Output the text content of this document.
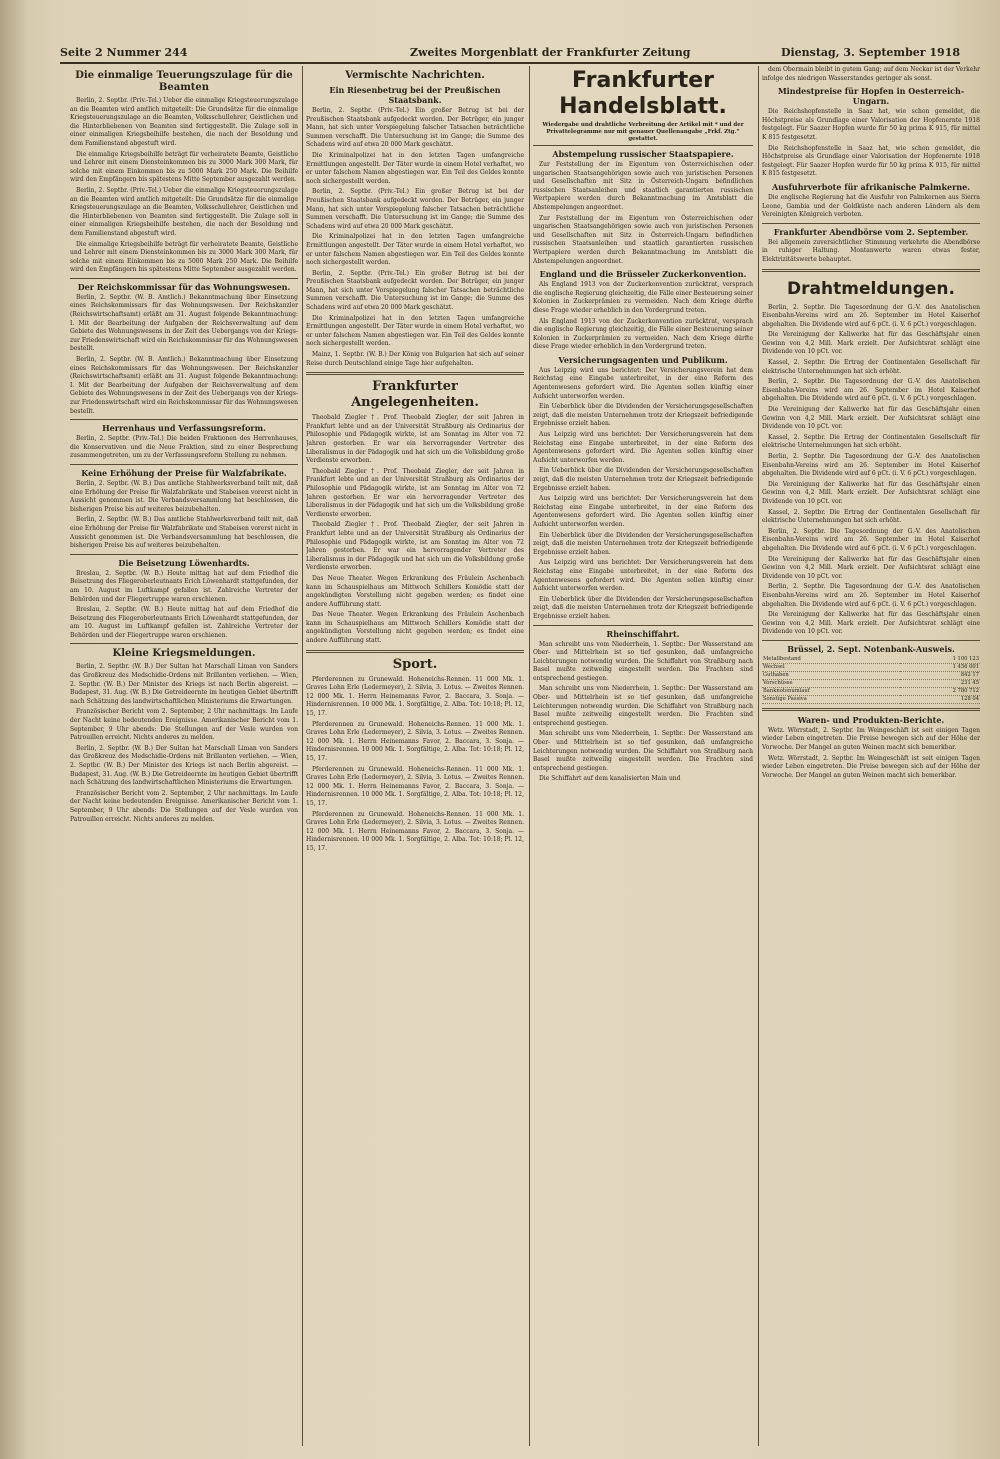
Seite 2 Nummer 244	Zweites Morgenblatt der Frankfurter Zeitung	Dienstag, 3. September 1918
Die einmalige Teuerungszulage für die Beamten

Berlin, 2. Septbr. (Priv.-Tel.) Ueber die einmalige Kriegsteuerungszulage an die Beamten wird amtlich mitgeteilt: Die Grundsätze für die einmalige Kriegsteuerungszulage an die Beamten, Volksschullehrer, Geistlichen und die Hinterbliebenen von Beamten sind fertiggestellt. Die Zulage soll in einer einmaligen Kriegsbeihilfe bestehen, die nach der Besoldung und dem Familienstand abgestuft wird.

Die einmalige Kriegsbeihilfe beträgt für verheiratete Beamte, Geistliche und Lehrer mit einem Diensteinkommen bis zu 3000 Mark 300 Mark, für solche mit einem Einkommen bis zu 5000 Mark 250 Mark. Die Beihilfe wird den Empfängern bis spätestens Mitte September ausgezahlt werden.

Berlin, 2. Septbr. (Priv.-Tel.) Ueber die einmalige Kriegsteuerungszulage an die Beamten wird amtlich mitgeteilt: Die Grundsätze für die einmalige Kriegsteuerungszulage an die Beamten, Volksschullehrer, Geistlichen und die Hinterbliebenen von Beamten sind fertiggestellt. Die Zulage soll in einer einmaligen Kriegsbeihilfe bestehen, die nach der Besoldung und dem Familienstand abgestuft wird.

Die einmalige Kriegsbeihilfe beträgt für verheiratete Beamte, Geistliche und Lehrer mit einem Diensteinkommen bis zu 3000 Mark 300 Mark, für solche mit einem Einkommen bis zu 5000 Mark 250 Mark. Die Beihilfe wird den Empfängern bis spätestens Mitte September ausgezahlt werden.

Der Reichskommissar für das Wohnungswesen.

Berlin, 2. Septbr. (W. B. Amtlich.) Bekanntmachung über Einsetzung eines Reichskommissars für das Wohnungswesen. Der Reichskanzler (Reichswirtschaftsamt) erläßt am 31. August folgende Bekanntmachung: I. Mit der Bearbeitung der Aufgaben der Reichsverwaltung auf dem Gebiete des Wohnungswesens in der Zeit des Uebergangs von der Kriegs- zur Friedenswirtschaft wird ein Reichskommissar für das Wohnungswesen bestellt.

Berlin, 2. Septbr. (W. B. Amtlich.) Bekanntmachung über Einsetzung eines Reichskommissars für das Wohnungswesen. Der Reichskanzler (Reichswirtschaftsamt) erläßt am 31. August folgende Bekanntmachung: I. Mit der Bearbeitung der Aufgaben der Reichsverwaltung auf dem Gebiete des Wohnungswesens in der Zeit des Uebergangs von der Kriegs- zur Friedenswirtschaft wird ein Reichskommissar für das Wohnungswesen bestellt.

Herrenhaus und Verfassungsreform.

Berlin, 2. Septbr. (Priv.-Tel.) Die beiden Fraktionen des Herrenhauses, die Konservativen und die Neue Fraktion, sind zu einer Besprechung zusammengetreten, um zu der Verfassungsreform Stellung zu nehmen.

Keine Erhöhung der Preise für Walzfabrikate.

Berlin, 2. Septbr. (W. B.) Das amtliche Stahlwerksverband teilt mit, daß eine Erhöhung der Preise für Walzfabrikate und Stabeisen vorerst nicht in Aussicht genommen ist. Die Verbandsversammlung hat beschlossen, die bisherigen Preise bis auf weiteres beizubehalten.

Berlin, 2. Septbr. (W. B.) Das amtliche Stahlwerksverband teilt mit, daß eine Erhöhung der Preise für Walzfabrikate und Stabeisen vorerst nicht in Aussicht genommen ist. Die Verbandsversammlung hat beschlossen, die bisherigen Preise bis auf weiteres beizubehalten.

Die Beisetzung Löwenhardts.

Breslau, 2. Septbr. (W. B.) Heute mittag hat auf dem Friedhof die Beisetzung des Fliegeroberleutnants Erich Löwenhardt stattgefunden, der am 10. August im Luftkampf gefallen ist. Zahlreiche Vertreter der Behörden und der Fliegertruppe waren erschienen.

Breslau, 2. Septbr. (W. B.) Heute mittag hat auf dem Friedhof die Beisetzung des Fliegeroberleutnants Erich Löwenhardt stattgefunden, der am 10. August im Luftkampf gefallen ist. Zahlreiche Vertreter der Behörden und der Fliegertruppe waren erschienen.

Kleine Kriegsmeldungen.

Berlin, 2. Septbr. (W. B.) Der Sultan hat Marschall Liman von Sanders das Großkreuz des Medschidie-Ordens mit Brillanten verliehen. — Wien, 2. Septbr. (W. B.) Der Minister des Kriegs ist nach Berlin abgereist. — Budapest, 31. Aug. (W. B.) Die Getreideernte im heutigen Gebiet übertrifft nach Schätzung des landwirtschaftlichen Ministeriums die Erwartungen.

Französischer Bericht vom 2. September, 2 Uhr nachmittags. Im Laufe der Nacht keine bedeutenden Ereignisse. Amerikanischer Bericht vom 1. September, 9 Uhr abends: Die Stellungen auf der Vesle wurden von Patrouillen erreicht. Nichts anderes zu melden.

Berlin, 2. Septbr. (W. B.) Der Sultan hat Marschall Liman von Sanders das Großkreuz des Medschidie-Ordens mit Brillanten verliehen. — Wien, 2. Septbr. (W. B.) Der Minister des Kriegs ist nach Berlin abgereist. — Budapest, 31. Aug. (W. B.) Die Getreideernte im heutigen Gebiet übertrifft nach Schätzung des landwirtschaftlichen Ministeriums die Erwartungen.

Französischer Bericht vom 2. September, 2 Uhr nachmittags. Im Laufe der Nacht keine bedeutenden Ereignisse. Amerikanischer Bericht vom 1. September, 9 Uhr abends: Die Stellungen auf der Vesle wurden von Patrouillen erreicht. Nichts anderes zu melden.

Vermischte Nachrichten.
Ein Riesenbetrug bei der Preußischen Staatsbank.

Berlin, 2. Septbr. (Priv.-Tel.) Ein großer Betrug ist bei der Preußischen Staatsbank aufgedeckt worden. Der Betrüger, ein junger Mann, hat sich unter Vorspiegelung falscher Tatsachen beträchtliche Summen verschafft. Die Untersuchung ist im Gange; die Summe des Schadens wird auf etwa 20 000 Mark geschätzt.

Die Kriminalpolizei hat in den letzten Tagen umfangreiche Ermittlungen angestellt. Der Täter wurde in einem Hotel verhaftet, wo er unter falschem Namen abgestiegen war. Ein Teil des Geldes konnte noch sichergestellt werden.

Berlin, 2. Septbr. (Priv.-Tel.) Ein großer Betrug ist bei der Preußischen Staatsbank aufgedeckt worden. Der Betrüger, ein junger Mann, hat sich unter Vorspiegelung falscher Tatsachen beträchtliche Summen verschafft. Die Untersuchung ist im Gange; die Summe des Schadens wird auf etwa 20 000 Mark geschätzt.

Die Kriminalpolizei hat in den letzten Tagen umfangreiche Ermittlungen angestellt. Der Täter wurde in einem Hotel verhaftet, wo er unter falschem Namen abgestiegen war. Ein Teil des Geldes konnte noch sichergestellt werden.

Berlin, 2. Septbr. (Priv.-Tel.) Ein großer Betrug ist bei der Preußischen Staatsbank aufgedeckt worden. Der Betrüger, ein junger Mann, hat sich unter Vorspiegelung falscher Tatsachen beträchtliche Summen verschafft. Die Untersuchung ist im Gange; die Summe des Schadens wird auf etwa 20 000 Mark geschätzt.

Die Kriminalpolizei hat in den letzten Tagen umfangreiche Ermittlungen angestellt. Der Täter wurde in einem Hotel verhaftet, wo er unter falschem Namen abgestiegen war. Ein Teil des Geldes konnte noch sichergestellt werden.

Mainz, 1. Septbr. (W. B.) Der König von Bulgarien hat sich auf seiner Reise durch Deutschland einige Tage hier aufgehalten.

Frankfurter Angelegenheiten.

Theobald Ziegler †. Prof. Theobald Ziegler, der seit Jahren in Frankfurt lebte und an der Universität Straßburg als Ordinarius der Philosophie und Pädagogik wirkte, ist am Sonntag im Alter von 72 Jahren gestorben. Er war ein hervorragender Vertreter des Liberalismus in der Pädagogik und hat sich um die Volksbildung große Verdienste erworben.

Theobald Ziegler †. Prof. Theobald Ziegler, der seit Jahren in Frankfurt lebte und an der Universität Straßburg als Ordinarius der Philosophie und Pädagogik wirkte, ist am Sonntag im Alter von 72 Jahren gestorben. Er war ein hervorragender Vertreter des Liberalismus in der Pädagogik und hat sich um die Volksbildung große Verdienste erworben.

Theobald Ziegler †. Prof. Theobald Ziegler, der seit Jahren in Frankfurt lebte und an der Universität Straßburg als Ordinarius der Philosophie und Pädagogik wirkte, ist am Sonntag im Alter von 72 Jahren gestorben. Er war ein hervorragender Vertreter des Liberalismus in der Pädagogik und hat sich um die Volksbildung große Verdienste erworben.

Das Neue Theater. Wegen Erkrankung des Fräulein Aschenbach kann im Schauspielhaus am Mittwoch Schillers Komödie statt der angekündigten Vorstellung nicht gegeben werden; es findet eine andere Aufführung statt.

Das Neue Theater. Wegen Erkrankung des Fräulein Aschenbach kann im Schauspielhaus am Mittwoch Schillers Komödie statt der angekündigten Vorstellung nicht gegeben werden; es findet eine andere Aufführung statt.

Sport.

Pferderennen zu Grunewald. Hoheneichs-Rennen. 11 000 Mk. 1. Graves Lohn Erle (Ledermeyer), 2. Silvia, 3. Lotus. — Zweites Rennen. 12 000 Mk. 1. Herrn Heinemanns Favor, 2. Baccara, 3. Sonja. — Hindernisrennen. 10 000 Mk. 1. Sorgfältige, 2. Alba. Tot: 10:18; Pl. 12, 15, 17.

Pferderennen zu Grunewald. Hoheneichs-Rennen. 11 000 Mk. 1. Graves Lohn Erle (Ledermeyer), 2. Silvia, 3. Lotus. — Zweites Rennen. 12 000 Mk. 1. Herrn Heinemanns Favor, 2. Baccara, 3. Sonja. — Hindernisrennen. 10 000 Mk. 1. Sorgfältige, 2. Alba. Tot: 10:18; Pl. 12, 15, 17.

Pferderennen zu Grunewald. Hoheneichs-Rennen. 11 000 Mk. 1. Graves Lohn Erle (Ledermeyer), 2. Silvia, 3. Lotus. — Zweites Rennen. 12 000 Mk. 1. Herrn Heinemanns Favor, 2. Baccara, 3. Sonja. — Hindernisrennen. 10 000 Mk. 1. Sorgfältige, 2. Alba. Tot: 10:18; Pl. 12, 15, 17.

Pferderennen zu Grunewald. Hoheneichs-Rennen. 11 000 Mk. 1. Graves Lohn Erle (Ledermeyer), 2. Silvia, 3. Lotus. — Zweites Rennen. 12 000 Mk. 1. Herrn Heinemanns Favor, 2. Baccara, 3. Sonja. — Hindernisrennen. 10 000 Mk. 1. Sorgfältige, 2. Alba. Tot: 10:18; Pl. 12, 15, 17.

Frankfurter Handelsblatt.
Wiedergabe und drahtliche Verbreitung der Artikel mit * und der Privattelegramme nur mit genauer Quellenangabe „Frkf. Ztg.“ gestattet.
Abstempelung russischer Staatspapiere.

Zur Feststellung der im Eigentum von Österreichischen oder ungarischen Staatsangehörigen sowie auch von juristischen Personen und Gesellschaften mit Sitz in Österreich-Ungarn befindlichen russischen Staatsanleihen und staatlich garantierten russischen Wertpapiere werden durch Bekanntmachung im Amtsblatt die Abstempelungen angeordnet.

Zur Feststellung der im Eigentum von Österreichischen oder ungarischen Staatsangehörigen sowie auch von juristischen Personen und Gesellschaften mit Sitz in Österreich-Ungarn befindlichen russischen Staatsanleihen und staatlich garantierten russischen Wertpapiere werden durch Bekanntmachung im Amtsblatt die Abstempelungen angeordnet.

England und die Brüsseler Zuckerkonvention.

Als England 1913 von der Zuckerkonvention zurücktrat, versprach die englische Regierung gleichzeitig, die Fälle einer Besteuerung seiner Kolonien in Zuckerprämien zu vermeiden. Nach dem Kriege dürfte diese Frage wieder erheblich in den Vordergrund treten.

Als England 1913 von der Zuckerkonvention zurücktrat, versprach die englische Regierung gleichzeitig, die Fälle einer Besteuerung seiner Kolonien in Zuckerprämien zu vermeiden. Nach dem Kriege dürfte diese Frage wieder erheblich in den Vordergrund treten.

Versicherungsagenten und Publikum.

Aus Leipzig wird uns berichtet: Der Versicherungsverein hat dem Reichstag eine Eingabe unterbreitet, in der eine Reform des Agentenwesens gefordert wird. Die Agenten sollen künftig einer Aufsicht unterworfen werden.

Ein Ueberblick über die Dividenden der Versicherungsgesellschaften zeigt, daß die meisten Unternehmen trotz der Kriegszeit befriedigende Ergebnisse erzielt haben.

Aus Leipzig wird uns berichtet: Der Versicherungsverein hat dem Reichstag eine Eingabe unterbreitet, in der eine Reform des Agentenwesens gefordert wird. Die Agenten sollen künftig einer Aufsicht unterworfen werden.

Ein Ueberblick über die Dividenden der Versicherungsgesellschaften zeigt, daß die meisten Unternehmen trotz der Kriegszeit befriedigende Ergebnisse erzielt haben.

Aus Leipzig wird uns berichtet: Der Versicherungsverein hat dem Reichstag eine Eingabe unterbreitet, in der eine Reform des Agentenwesens gefordert wird. Die Agenten sollen künftig einer Aufsicht unterworfen werden.

Ein Ueberblick über die Dividenden der Versicherungsgesellschaften zeigt, daß die meisten Unternehmen trotz der Kriegszeit befriedigende Ergebnisse erzielt haben.

Aus Leipzig wird uns berichtet: Der Versicherungsverein hat dem Reichstag eine Eingabe unterbreitet, in der eine Reform des Agentenwesens gefordert wird. Die Agenten sollen künftig einer Aufsicht unterworfen werden.

Ein Ueberblick über die Dividenden der Versicherungsgesellschaften zeigt, daß die meisten Unternehmen trotz der Kriegszeit befriedigende Ergebnisse erzielt haben.

Rheinschiffahrt.

Man schreibt uns vom Niederrhein, 1. Septbr.: Der Wasserstand am Ober- und Mittelrhein ist so tief gesunken, daß umfangreiche Leichterungen notwendig wurden. Die Schiffahrt von Straßburg nach Basel mußte zeitweilig eingestellt werden. Die Frachten sind entsprechend gestiegen.

Man schreibt uns vom Niederrhein, 1. Septbr.: Der Wasserstand am Ober- und Mittelrhein ist so tief gesunken, daß umfangreiche Leichterungen notwendig wurden. Die Schiffahrt von Straßburg nach Basel mußte zeitweilig eingestellt werden. Die Frachten sind entsprechend gestiegen.

Man schreibt uns vom Niederrhein, 1. Septbr.: Der Wasserstand am Ober- und Mittelrhein ist so tief gesunken, daß umfangreiche Leichterungen notwendig wurden. Die Schiffahrt von Straßburg nach Basel mußte zeitweilig eingestellt werden. Die Frachten sind entsprechend gestiegen.

Die Schiffahrt auf dem kanalisierten Main und

dem Obermain bleibt in gutem Gang; auf dem Neckar ist der Verkehr infolge des niedrigen Wasserstandes geringer als sonst.

Mindestpreise für Hopfen in Oesterreich-Ungarn.

Die Reichshopfenstelle in Saaz hat, wie schon gemeldet, die Höchstpreise als Grundlage einer Valorisation der Hopfenernte 1918 festgelegt. Für Saazer Hopfen wurde für 50 kg prima K 915, für mittel K 815 festgesetzt.

Die Reichshopfenstelle in Saaz hat, wie schon gemeldet, die Höchstpreise als Grundlage einer Valorisation der Hopfenernte 1918 festgelegt. Für Saazer Hopfen wurde für 50 kg prima K 915, für mittel K 815 festgesetzt.

Ausfuhrverbote für afrikanische Palmkerne.

Die englische Regierung hat die Ausfuhr von Palmkernen aus Sierra Leone, Gambia und der Goldküste nach anderen Ländern als dem Vereinigten Königreich verboten.

Frankfurter Abendbörse vom 2. September.

Bei allgemein zuversichtlicher Stimmung verkehrte die Abendbörse in ruhiger Haltung. Montanwerte waren etwas fester, Elektrizitätswerte behauptet.

Drahtmeldungen.

Berlin, 2. Septbr. Die Tagesordnung der G.-V. des Anatolischen Eisenbahn-Vereins wird am 26. September im Hotel Kaiserhof abgehalten. Die Dividende wird auf 6 pCt. (i. V. 6 pCt.) vorgeschlagen.

Die Vereinigung der Kaliwerke hat für das Geschäftsjahr einen Gewinn von 4,2 Mill. Mark erzielt. Der Aufsichtsrat schlägt eine Dividende von 10 pCt. vor.

Kassel, 2. Septbr. Die Ertrag der Continentalen Gesellschaft für elektrische Unternehmungen hat sich erhöht.

Berlin, 2. Septbr. Die Tagesordnung der G.-V. des Anatolischen Eisenbahn-Vereins wird am 26. September im Hotel Kaiserhof abgehalten. Die Dividende wird auf 6 pCt. (i. V. 6 pCt.) vorgeschlagen.

Die Vereinigung der Kaliwerke hat für das Geschäftsjahr einen Gewinn von 4,2 Mill. Mark erzielt. Der Aufsichtsrat schlägt eine Dividende von 10 pCt. vor.

Kassel, 2. Septbr. Die Ertrag der Continentalen Gesellschaft für elektrische Unternehmungen hat sich erhöht.

Berlin, 2. Septbr. Die Tagesordnung der G.-V. des Anatolischen Eisenbahn-Vereins wird am 26. September im Hotel Kaiserhof abgehalten. Die Dividende wird auf 6 pCt. (i. V. 6 pCt.) vorgeschlagen.

Die Vereinigung der Kaliwerke hat für das Geschäftsjahr einen Gewinn von 4,2 Mill. Mark erzielt. Der Aufsichtsrat schlägt eine Dividende von 10 pCt. vor.

Kassel, 2. Septbr. Die Ertrag der Continentalen Gesellschaft für elektrische Unternehmungen hat sich erhöht.

Berlin, 2. Septbr. Die Tagesordnung der G.-V. des Anatolischen Eisenbahn-Vereins wird am 26. September im Hotel Kaiserhof abgehalten. Die Dividende wird auf 6 pCt. (i. V. 6 pCt.) vorgeschlagen.

Die Vereinigung der Kaliwerke hat für das Geschäftsjahr einen Gewinn von 4,2 Mill. Mark erzielt. Der Aufsichtsrat schlägt eine Dividende von 10 pCt. vor.

Berlin, 2. Septbr. Die Tagesordnung der G.-V. des Anatolischen Eisenbahn-Vereins wird am 26. September im Hotel Kaiserhof abgehalten. Die Dividende wird auf 6 pCt. (i. V. 6 pCt.) vorgeschlagen.

Die Vereinigung der Kaliwerke hat für das Geschäftsjahr einen Gewinn von 4,2 Mill. Mark erzielt. Der Aufsichtsrat schlägt eine Dividende von 10 pCt. vor.

Brüssel, 2. Sept. Notenbank-Ausweis.
Metallbestand	1 100 123
Wechsel	1 456 001
Guthaben	842 17
Vorschüsse	231 45
Banknotenumlauf	2 780 712
Sonstige Passiva	128 04
Waren- und Produkten-Berichte.

Wetz. Wörrstadt, 2. Septbr. Im Weingeschäft ist seit einigen Tagen wieder Leben eingetreten. Die Preise bewegen sich auf der Höhe der Vorwoche. Der Mangel an guten Weinen macht sich bemerkbar.

Wetz. Wörrstadt, 2. Septbr. Im Weingeschäft ist seit einigen Tagen wieder Leben eingetreten. Die Preise bewegen sich auf der Höhe der Vorwoche. Der Mangel an guten Weinen macht sich bemerkbar.
